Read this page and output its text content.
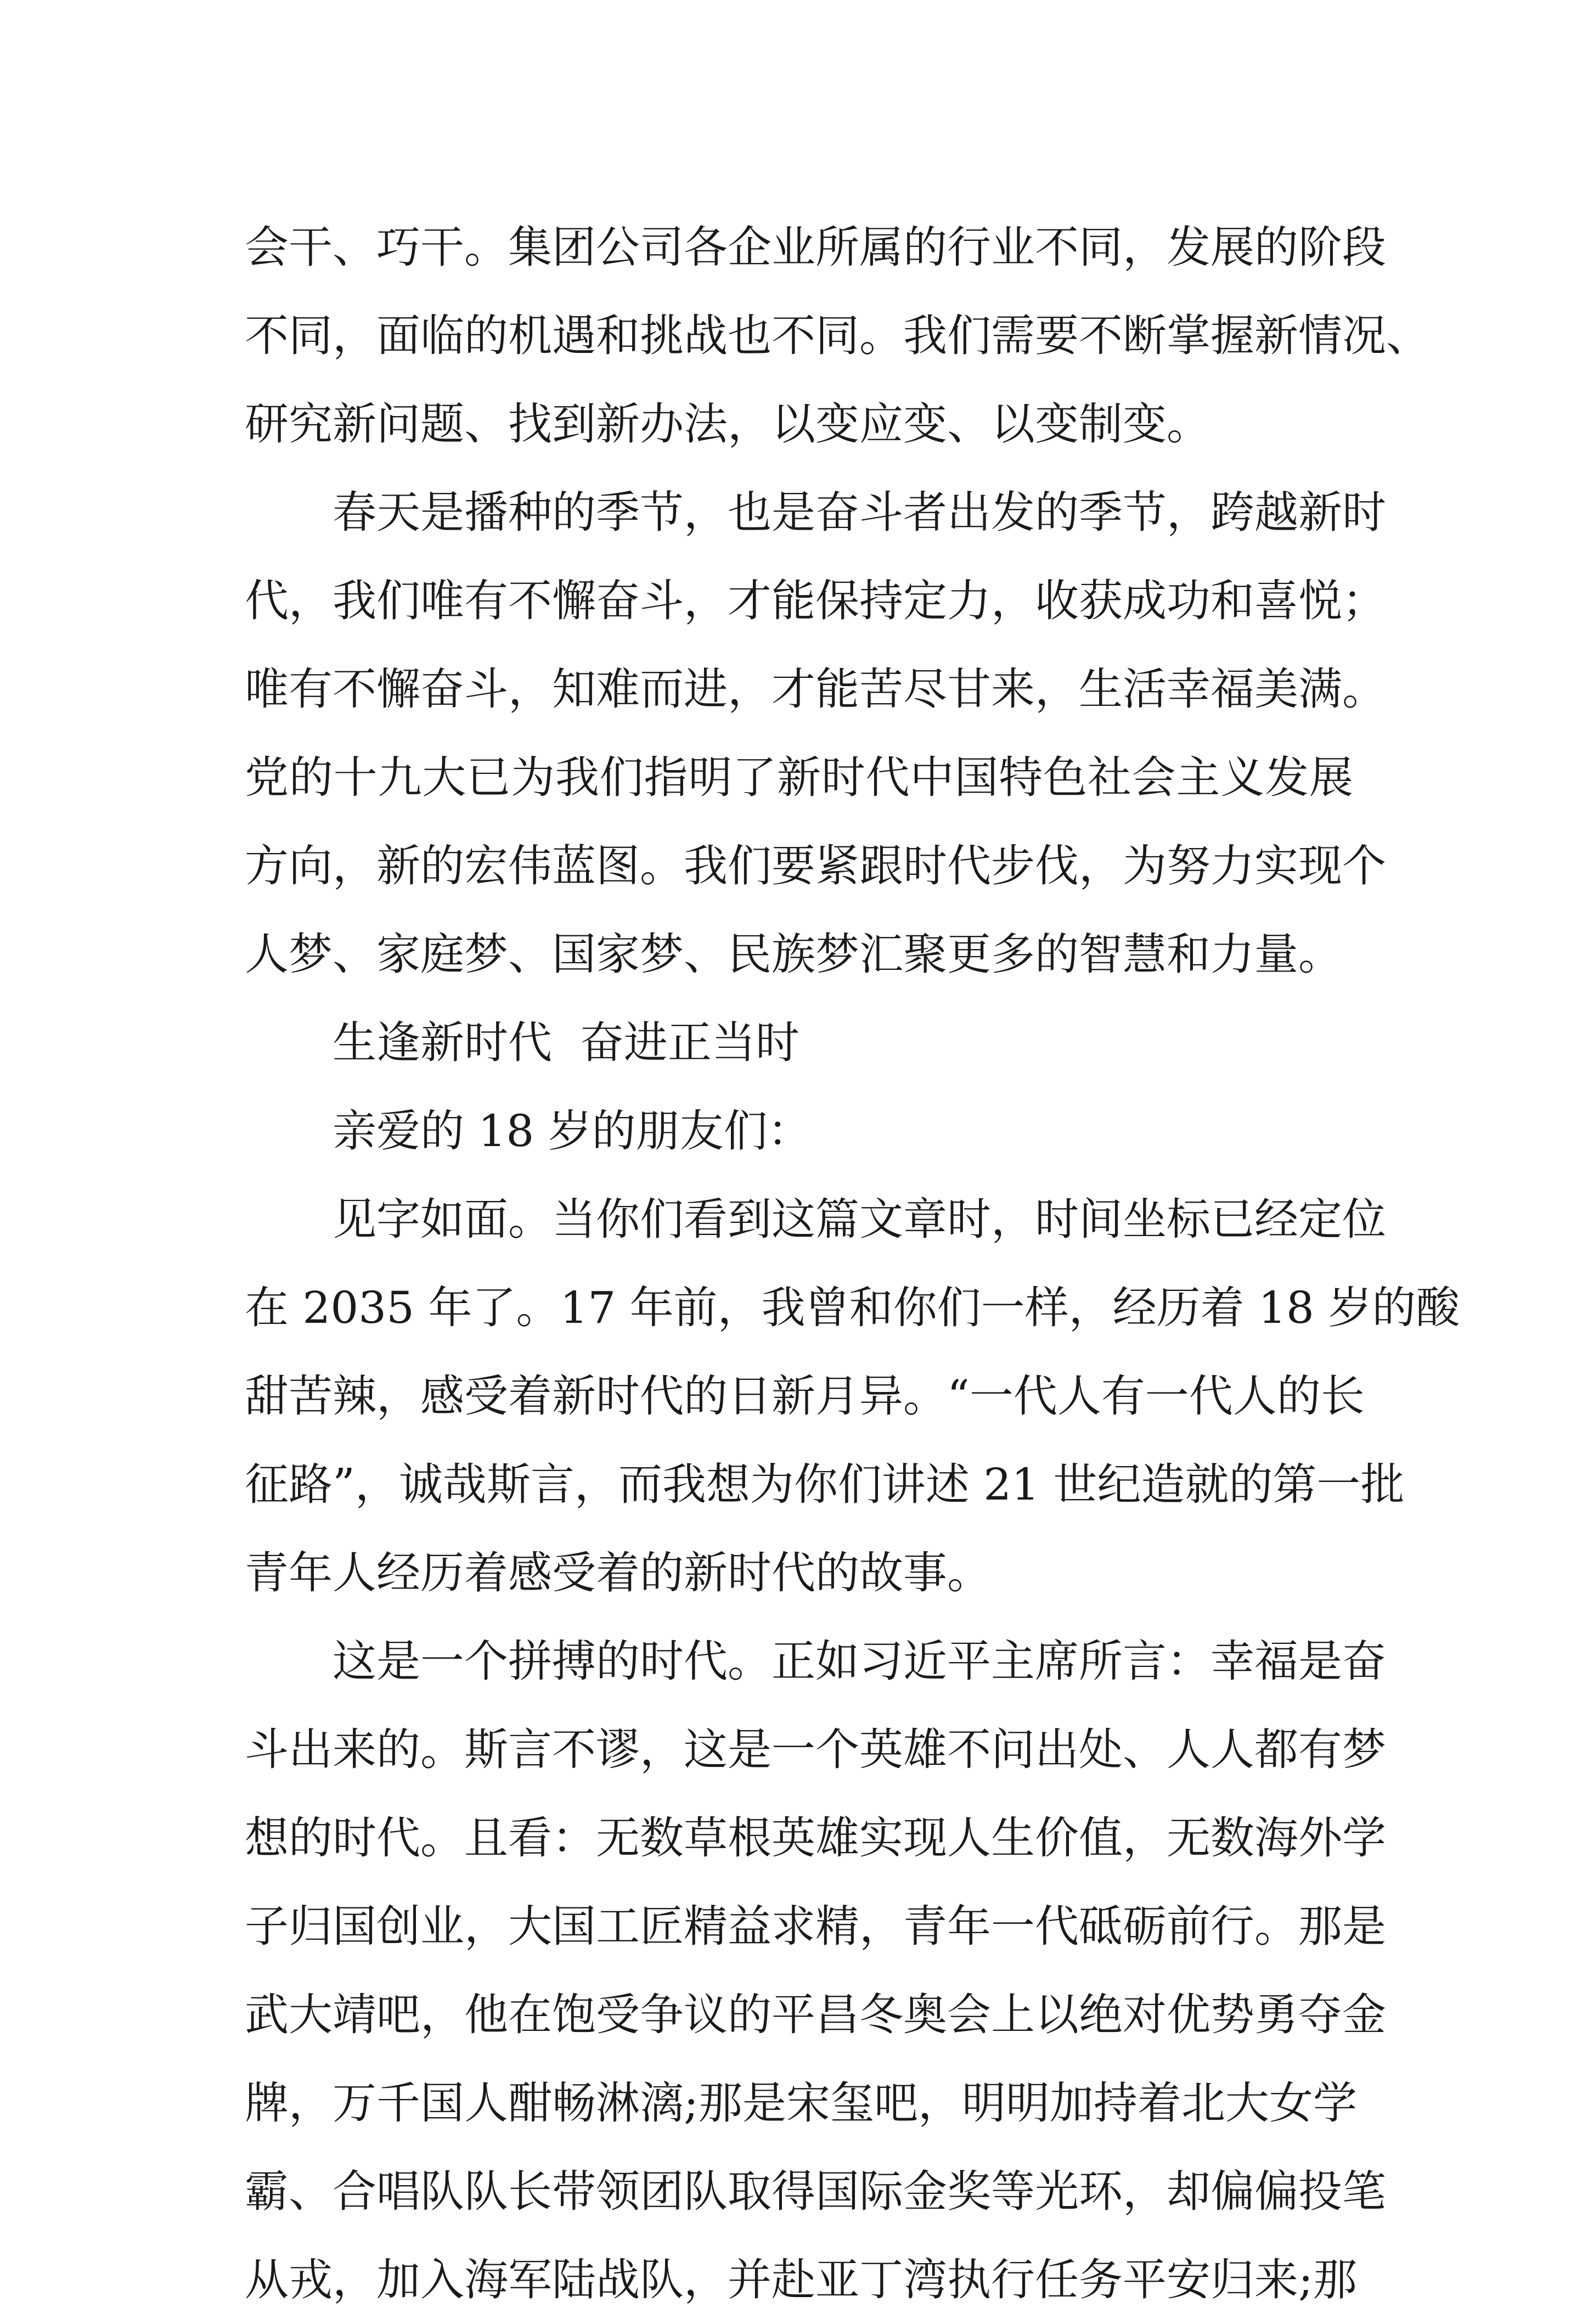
会干、巧干。集团公司各企业所属的行业不同，发展的阶段
不同，面临的机遇和挑战也不同。我们需要不断掌握新情况、
研究新问题、找到新办法，以变应变、以变制变。
春天是播种的季节，也是奋斗者出发的季节，跨越新时
代，我们唯有不懈奋斗，才能保持定力，收获成功和喜悦；
唯有不懈奋斗，知难而进，才能苦尽甘来，生活幸福美满。
党的十九大已为我们指明了新时代中国特色社会主义发展
方向，新的宏伟蓝图。我们要紧跟时代步伐，为努力实现个
人梦、家庭梦、国家梦、民族梦汇聚更多的智慧和力量。
生逢新时代  奋进正当时
亲爱的 18 岁的朋友们：
见字如面。当你们看到这篇文章时，时间坐标已经定位
在 2035 年了。17 年前，我曾和你们一样，经历着 18 岁的酸
甜苦辣，感受着新时代的日新月异。“一代人有一代人的长
征路”，诚哉斯言，而我想为你们讲述 21 世纪造就的第一批
青年人经历着感受着的新时代的故事。
这是一个拼搏的时代。正如习近平主席所言：幸福是奋
斗出来的。斯言不谬，这是一个英雄不问出处、人人都有梦
想的时代。且看：无数草根英雄实现人生价值，无数海外学
子归国创业，大国工匠精益求精，青年一代砥砺前行。那是
武大靖吧，他在饱受争议的平昌冬奥会上以绝对优势勇夺金
牌，万千国人酣畅淋漓;那是宋玺吧，明明加持着北大女学
霸、合唱队队长带领团队取得国际金奖等光环，却偏偏投笔
从戎，加入海军陆战队，并赴亚丁湾执行任务平安归来;那
